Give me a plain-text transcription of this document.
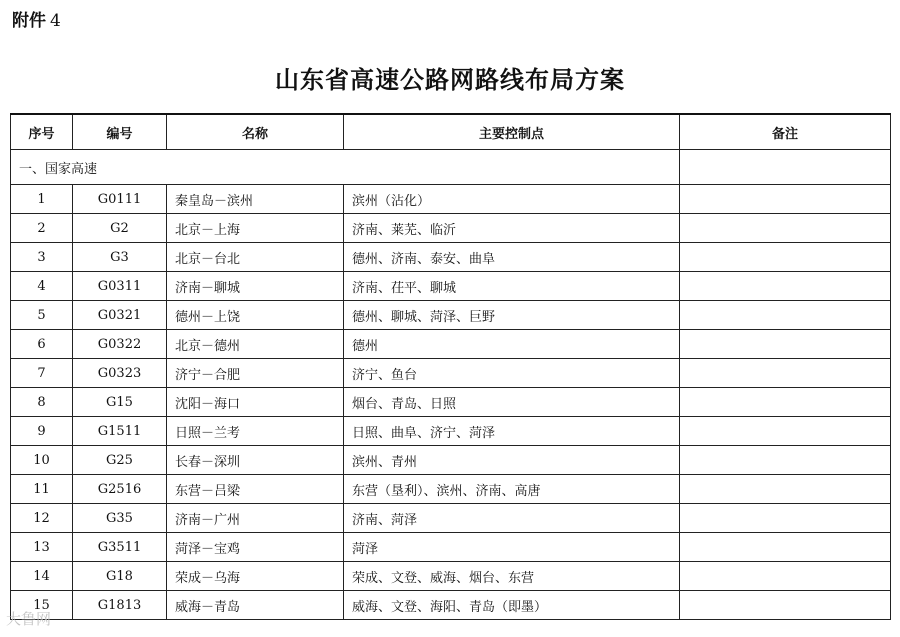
附件 4
山东省高速公路网路线布局方案
序号	编号	名称	主要控制点	备注
一、国家高速				
1	G0111	秦皇岛－滨州	滨州（沾化）	
2	G2	北京－上海	济南、莱芜、临沂	
3	G3	北京－台北	德州、济南、泰安、曲阜	
4	G0311	济南－聊城	济南、茌平、聊城	
5	G0321	德州－上饶	德州、聊城、菏泽、巨野	
6	G0322	北京－德州	德州	
7	G0323	济宁－合肥	济宁、鱼台	
8	G15	沈阳－海口	烟台、青岛、日照	
9	G1511	日照－兰考	日照、曲阜、济宁、菏泽	
10	G25	长春－深圳	滨州、青州	
11	G2516	东营－吕梁	东营（垦利）、滨州、济南、高唐	
12	G35	济南－广州	济南、菏泽	
13	G3511	菏泽－宝鸡	菏泽	
14	G18	荣成－乌海	荣成、文登、威海、烟台、东营	
15	G1813	威海－青岛	威海、文登、海阳、青岛（即墨）	
大鲁网
